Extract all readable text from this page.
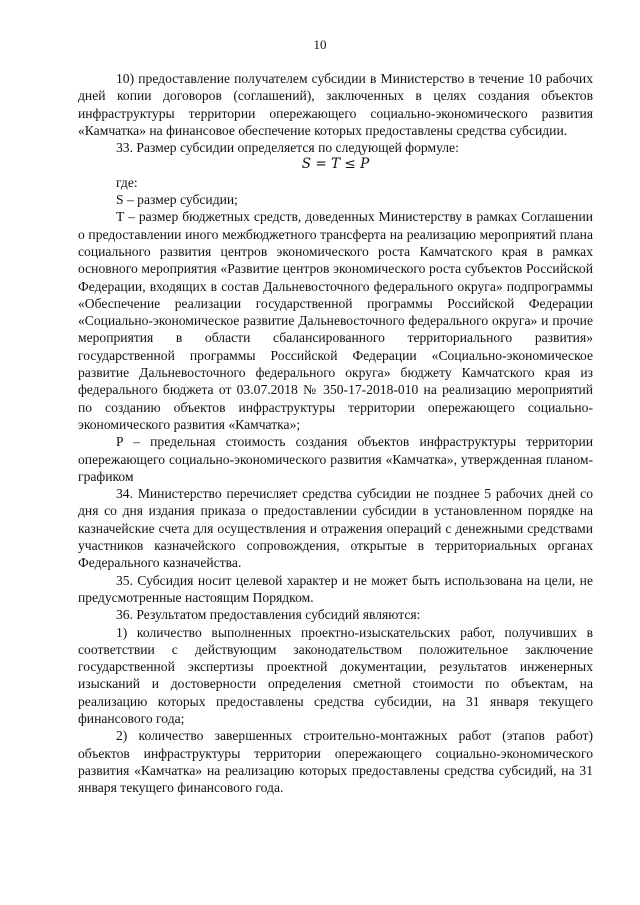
10

10) предоставление получателем субсидии в Министерство в течение 10 рабочих дней копии договоров (соглашений), заключенных в целях создания объектов инфраструктуры территории опережающего социально-экономического развития «Камчатка» на финансовое обеспечение которых предоставлены средства субсидии.

33. Размер субсидии определяется по следующей формуле:

S = T ≤ P

где:

S – размер субсидии;

T – размер бюджетных средств, доведенных Министерству в рамках Соглашении о предоставлении иного межбюджетного трансферта на реализацию мероприятий плана социального развития центров экономического роста Камчатского края в рамках основного мероприятия «Развитие центров экономического роста субъектов Российской Федерации, входящих в состав Дальневосточного федерального округа» подпрограммы «Обеспечение реализации государственной программы Российской Федерации «Социально-экономическое развитие Дальневосточного федерального округа» и прочие мероприятия в области сбалансированного территориального развития» государственной программы Российской Федерации «Социально-экономическое развитие Дальневосточного федерального округа» бюджету Камчатского края из федерального бюджета от 03.07.2018 № 350-17-2018-010 на реализацию мероприятий по созданию объектов инфраструктуры территории опережающего социально-экономического развития «Камчатка»;

P – предельная стоимость создания объектов инфраструктуры территории опережающего социально-экономического развития «Камчатка», утвержденная планом-графиком

34. Министерство перечисляет средства субсидии не позднее 5 рабочих дней со дня со дня издания приказа о предоставлении субсидии в установленном порядке на казначейские счета для осуществления и отражения операций с денежными средствами участников казначейского сопровождения, открытые в территориальных органах Федерального казначейства.

35. Субсидия носит целевой характер и не может быть использована на цели, не предусмотренные настоящим Порядком.

36. Результатом предоставления субсидий являются:

1) количество выполненных проектно-изыскательских работ, получивших в соответствии с действующим законодательством положительное заключение государственной экспертизы проектной документации, результатов инженерных изысканий и достоверности определения сметной стоимости по объектам, на реализацию которых предоставлены средства субсидии, на 31 января текущего финансового года;

2) количество завершенных строительно-монтажных работ (этапов работ) объектов инфраструктуры территории опережающего социально-экономического развития «Камчатка» на реализацию которых предоставлены средства субсидий, на 31 января текущего финансового года.
